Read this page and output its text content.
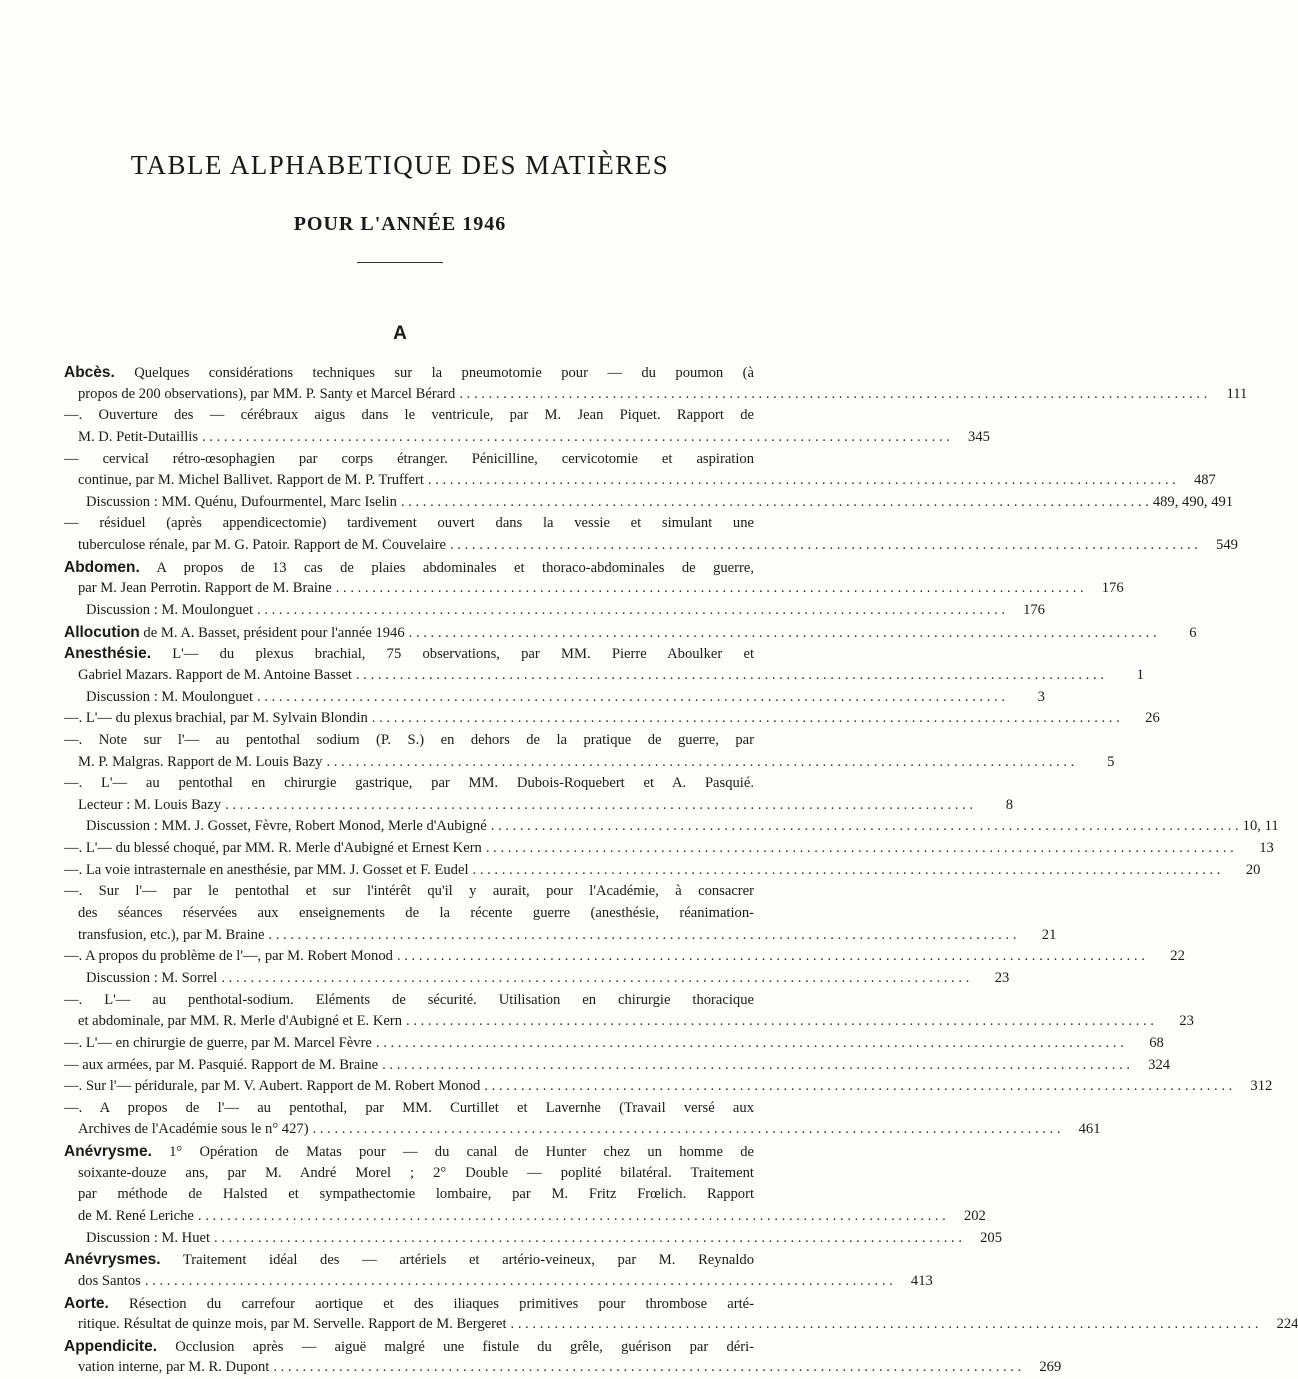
TABLE ALPHABETIQUE DES MATIÈRES
POUR L'ANNÉE 1946
A
Abcès. Quelques considérations techniques sur la pneumotomie pour — du poumon (à
propos de 200 observations), par MM. P. Santy et Marcel Bérard . . .	111
—. Ouverture des — cérébraux aigus dans le ventricule, par M. Jean Piquet. Rapport de
M. D. Petit-Dutaillis . . .	345
— cervical rétro-œsophagien par corps étranger. Pénicilline, cervicotomie et aspiration
continue, par M. Michel Ballivet. Rapport de M. P. Truffert . . .	487
Discussion : MM. Quénu, Dufourmentel, Marc Iselin . . .	489, 490, 491
— résiduel (après appendicectomie) tardivement ouvert dans la vessie et simulant une
tuberculose rénale, par M. G. Patoir. Rapport de M. Couvelaire . . .	549
Abdomen. A propos de 13 cas de plaies abdominales et thoraco-abdominales de guerre,
par M. Jean Perrotin. Rapport de M. Braine . . .	176
Discussion : M. Moulonguet . . .	176
Allocution de M. A. Basset, président pour l'année 1946 . . .	6
Anesthésie. L'— du plexus brachial, 75 observations, par MM. Pierre Aboulker et
Gabriel Mazars. Rapport de M. Antoine Basset . . .	1
Discussion : M. Moulonguet . . .	3
—. L'— du plexus brachial, par M. Sylvain Blondin . . .	26
—. Note sur l'— au pentothal sodium (P. S.) en dehors de la pratique de guerre, par
M. P. Malgras. Rapport de M. Louis Bazy . . .	5
—. L'— au pentothal en chirurgie gastrique, par MM. Dubois-Roquebert et A. Pasquié.
Lecteur : M. Louis Bazy . . .	8
Discussion : MM. J. Gosset, Fèvre, Robert Monod, Merle d'Aubigné . . .	10, 11
—. L'— du blessé choqué, par MM. R. Merle d'Aubigné et Ernest Kern . . .	13
—. La voie intrasternale en anesthésie, par MM. J. Gosset et F. Eudel . . .	20
—. Sur l'— par le pentothal et sur l'intérêt qu'il y aurait, pour l'Académie, à consacrer
des séances réservées aux enseignements de la récente guerre (anesthésie, réanimation-
transfusion, etc.), par M. Braine . . .	21
—. A propos du problème de l'—, par M. Robert Monod . . .	22
Discussion : M. Sorrel . . .	23
—. L'— au penthotal-sodium. Eléments de sécurité. Utilisation en chirurgie thoracique
et abdominale, par MM. R. Merle d'Aubigné et E. Kern . . .	23
—. L'— en chirurgie de guerre, par M. Marcel Fèvre . . .	68
— aux armées, par M. Pasquié. Rapport de M. Braine . . .	324
—. Sur l'— péridurale, par M. V. Aubert. Rapport de M. Robert Monod . . .	312
—. A propos de l'— au pentothal, par MM. Curtillet et Lavernhe (Travail versé aux
Archives de l'Académie sous le n° 427) . . .	461
Anévrysme. 1° Opération de Matas pour — du canal de Hunter chez un homme de
soixante-douze ans, par M. André Morel ; 2° Double — poplité bilatéral. Traitement
par méthode de Halsted et sympathectomie lombaire, par M. Fritz Frœlich. Rapport
de M. René Leriche . . .	202
Discussion : M. Huet . . .	205
Anévrysmes. Traitement idéal des — artériels et artério-veineux, par M. Reynaldo
dos Santos . . .	413
Aorte. Résection du carrefour aortique et des iliaques primitives pour thrombose arté-
ritique. Résultat de quinze mois, par M. Servelle. Rapport de M. Bergeret . . .	224
Appendicite. Occlusion après — aiguë malgré une fistule du grêle, guérison par déri-
vation interne, par M. R. Dupont . . .	269
